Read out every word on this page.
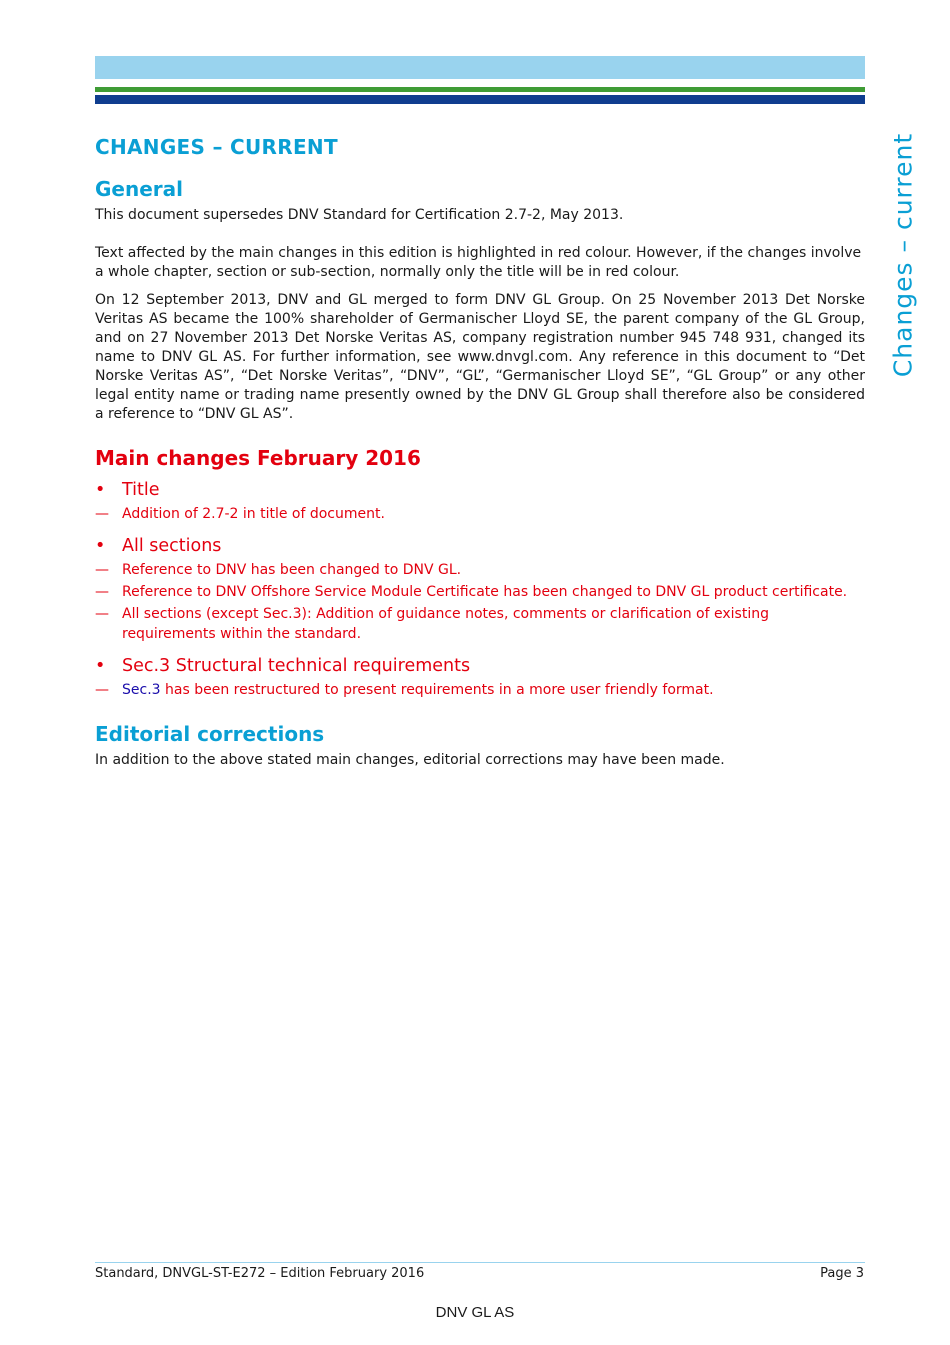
Changes – current
CHANGES – CURRENT
General

This document supersedes DNV Standard for Certification 2.7-2, May 2013.

Text affected by the main changes in this edition is highlighted in red colour. However, if the changes involve a whole chapter, section or sub-section, normally only the title will be in red colour.

On 12 September 2013, DNV and GL merged to form DNV GL Group. On 25 November 2013 Det Norske Veritas AS became the 100% shareholder of Germanischer Lloyd SE, the parent company of the GL Group, and on 27 November 2013 Det Norske Veritas AS, company registration number 945 748 931, changed its name to DNV GL AS. For further information, see www.dnvgl.com. Any reference in this document to “Det Norske Veritas AS”, “Det Norske Veritas”, “DNV”, “GL”, “Germanischer Lloyd SE”, “GL Group” or any other legal entity name or trading name presently owned by the DNV GL Group shall therefore also be considered a reference to “DNV GL AS”.

Main changes February 2016
• Title
— Addition of 2.7-2 in title of document.
• All sections
— Reference to DNV has been changed to DNV GL.
— Reference to DNV Offshore Service Module Certificate has been changed to DNV GL product certificate.
— All sections (except Sec.3): Addition of guidance notes, comments or clarification of existing requirements within the standard.
• Sec.3 Structural technical requirements
— Sec.3 has been restructured to present requirements in a more user friendly format.
Editorial corrections

In addition to the above stated main changes, editorial corrections may have been made.

Standard, DNVGL-ST-E272 – Edition February 2016	Page 3
DNV GL AS
